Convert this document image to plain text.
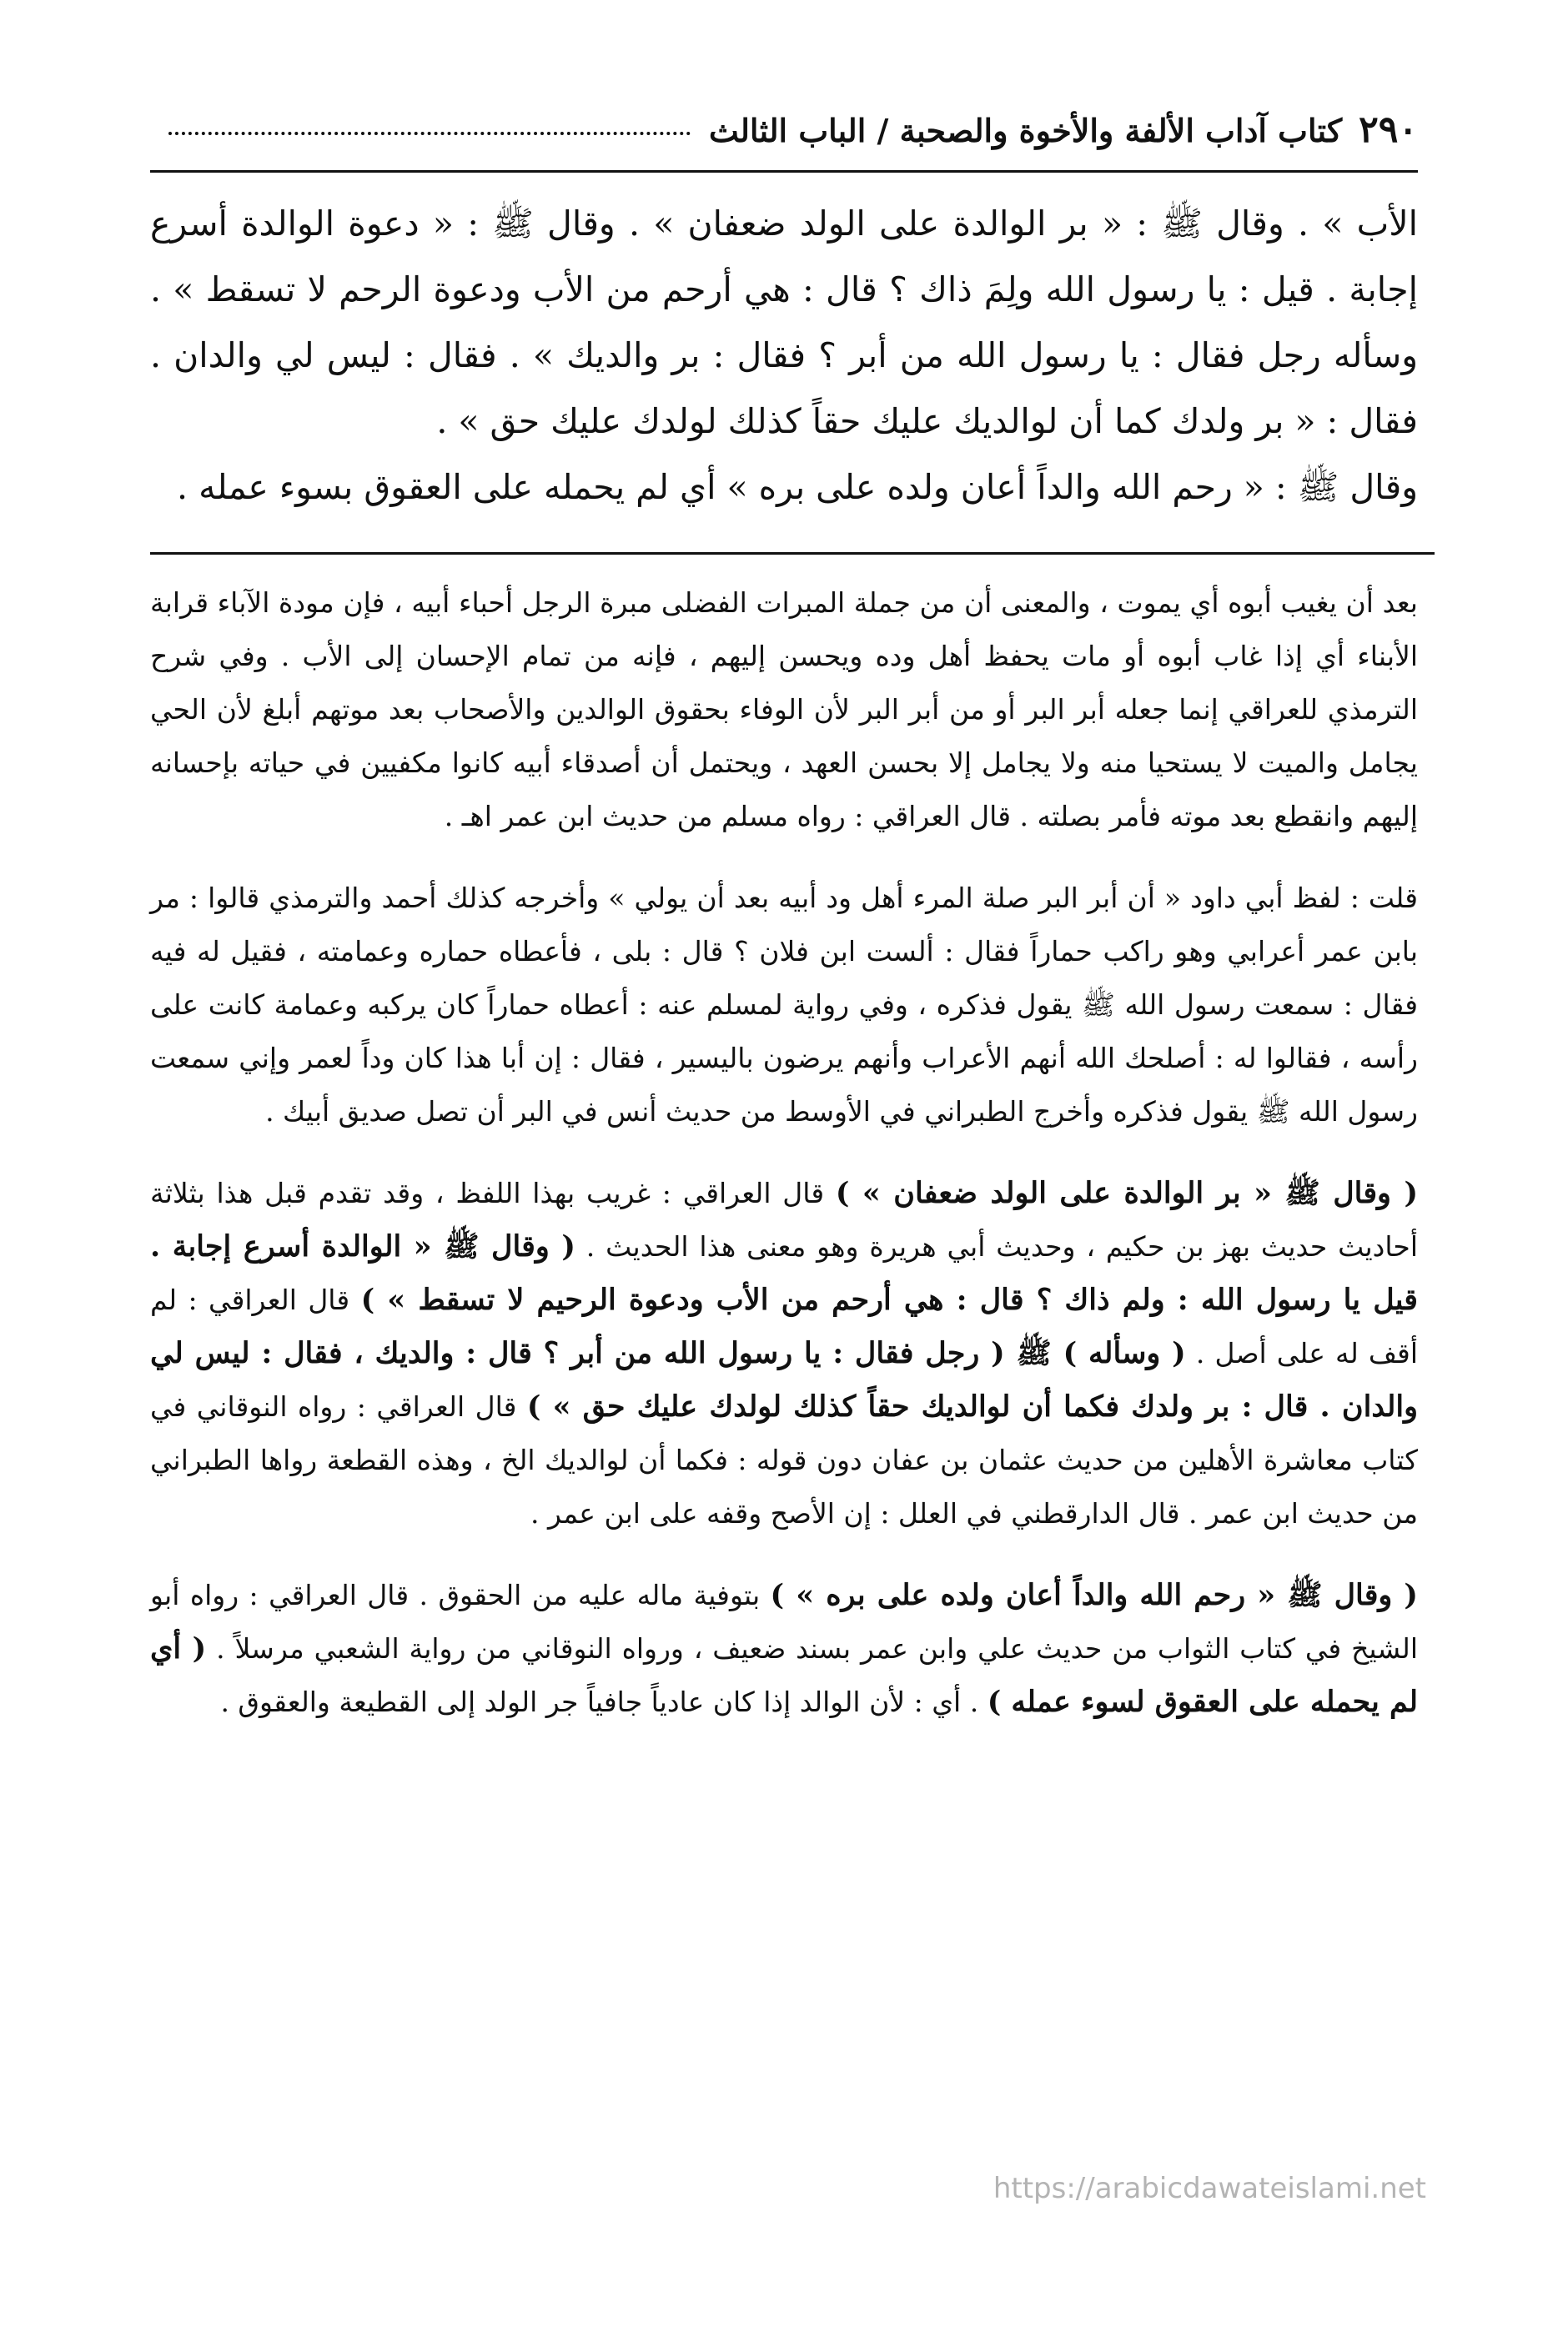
٢٩٠
كتاب آداب الألفة والأخوة والصحبة / الباب الثالث

الأب » . وقال ﷺ : « بر الوالدة على الولد ضعفان » . وقال ﷺ : « دعوة الوالدة أسرع إجابة . قيل : يا رسول الله ولِمَ ذاك ؟ قال : هي أرحم من الأب ودعوة الرحم لا تسقط » . وسأله رجل فقال : يا رسول الله من أبر ؟ فقال : بر والديك » . فقال : ليس لي والدان . فقال : « بر ولدك كما أن لوالديك عليك حقاً كذلك لولدك عليك حق » .

وقال ﷺ : « رحم الله والداً أعان ولده على بره » أي لم يحمله على العقوق بسوء عمله .

بعد أن يغيب أبوه أي يموت ، والمعنى أن من جملة المبرات الفضلى مبرة الرجل أحباء أبيه ، فإن مودة الآباء قرابة الأبناء أي إذا غاب أبوه أو مات يحفظ أهل وده ويحسن إليهم ، فإنه من تمام الإحسان إلى الأب . وفي شرح الترمذي للعراقي إنما جعله أبر البر أو من أبر البر لأن الوفاء بحقوق الوالدين والأصحاب بعد موتهم أبلغ لأن الحي يجامل والميت لا يستحيا منه ولا يجامل إلا بحسن العهد ، ويحتمل أن أصدقاء أبيه كانوا مكفيين في حياته بإحسانه إليهم وانقطع بعد موته فأمر بصلته . قال العراقي : رواه مسلم من حديث ابن عمر اهـ .

قلت : لفظ أبي داود « أن أبر البر صلة المرء أهل ود أبيه بعد أن يولي » وأخرجه كذلك أحمد والترمذي قالوا : مر بابن عمر أعرابي وهو راكب حماراً فقال : ألست ابن فلان ؟ قال : بلى ، فأعطاه حماره وعمامته ، فقيل له فيه فقال : سمعت رسول الله ﷺ يقول فذكره ، وفي رواية لمسلم عنه : أعطاه حماراً كان يركبه وعمامة كانت على رأسه ، فقالوا له : أصلحك الله أنهم الأعراب وأنهم يرضون باليسير ، فقال : إن أبا هذا كان وداً لعمر وإني سمعت رسول الله ﷺ يقول فذكره وأخرج الطبراني في الأوسط من حديث أنس في البر أن تصل صديق أبيك .

( وقال ﷺ « بر الوالدة على الولد ضعفان » ) قال العراقي : غريب بهذا اللفظ ، وقد تقدم قبل هذا بثلاثة أحاديث حديث بهز بن حكيم ، وحديث أبي هريرة وهو معنى هذا الحديث . ( وقال ﷺ « الوالدة أسرع إجابة . قيل يا رسول الله : ولم ذاك ؟ قال : هي أرحم من الأب ودعوة الرحيم لا تسقط » ) قال العراقي : لم أقف له على أصل . ( وسأله ) ﷺ ( رجل فقال : يا رسول الله من أبر ؟ قال : والديك ، فقال : ليس لي والدان . قال : بر ولدك فكما أن لوالديك حقاً كذلك لولدك عليك حق » ) قال العراقي : رواه النوقاني في كتاب معاشرة الأهلين من حديث عثمان بن عفان دون قوله : فكما أن لوالديك الخ ، وهذه القطعة رواها الطبراني من حديث ابن عمر . قال الدارقطني في العلل : إن الأصح وقفه على ابن عمر .

( وقال ﷺ « رحم الله والداً أعان ولده على بره » ) بتوفية ماله عليه من الحقوق . قال العراقي : رواه أبو الشيخ في كتاب الثواب من حديث علي وابن عمر بسند ضعيف ، ورواه النوقاني من رواية الشعبي مرسلاً . ( أي لم يحمله على العقوق لسوء عمله ) . أي : لأن الوالد إذا كان عادياً جافياً جر الولد إلى القطيعة والعقوق .

https://arabicdawateislami.net
